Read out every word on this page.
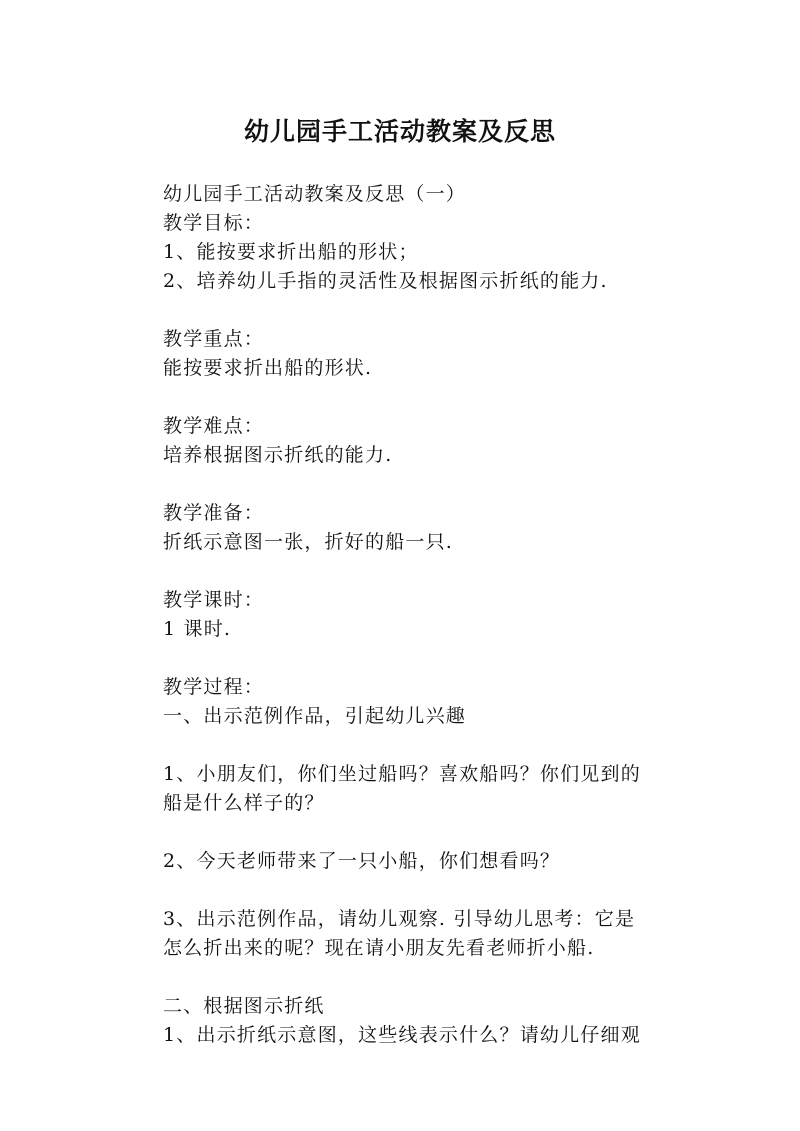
幼儿园手工活动教案及反思
幼儿园手工活动教案及反思（一）
教学目标：
1、能按要求折出船的形状；
2、培养幼儿手指的灵活性及根据图示折纸的能力.
教学重点：
能按要求折出船的形状.
教学难点：
培养根据图示折纸的能力.
教学准备：
折纸示意图一张，折好的船一只.
教学课时：
1 课时.
教学过程：
一、出示范例作品，引起幼儿兴趣
1、小朋友们，你们坐过船吗？喜欢船吗？你们见到的
船是什么样子的？
2、今天老师带来了一只小船，你们想看吗？
3、出示范例作品，请幼儿观察. 引导幼儿思考：它是
怎么折出来的呢？现在请小朋友先看老师折小船.
二、根据图示折纸
1、出示折纸示意图，这些线表示什么？请幼儿仔细观
